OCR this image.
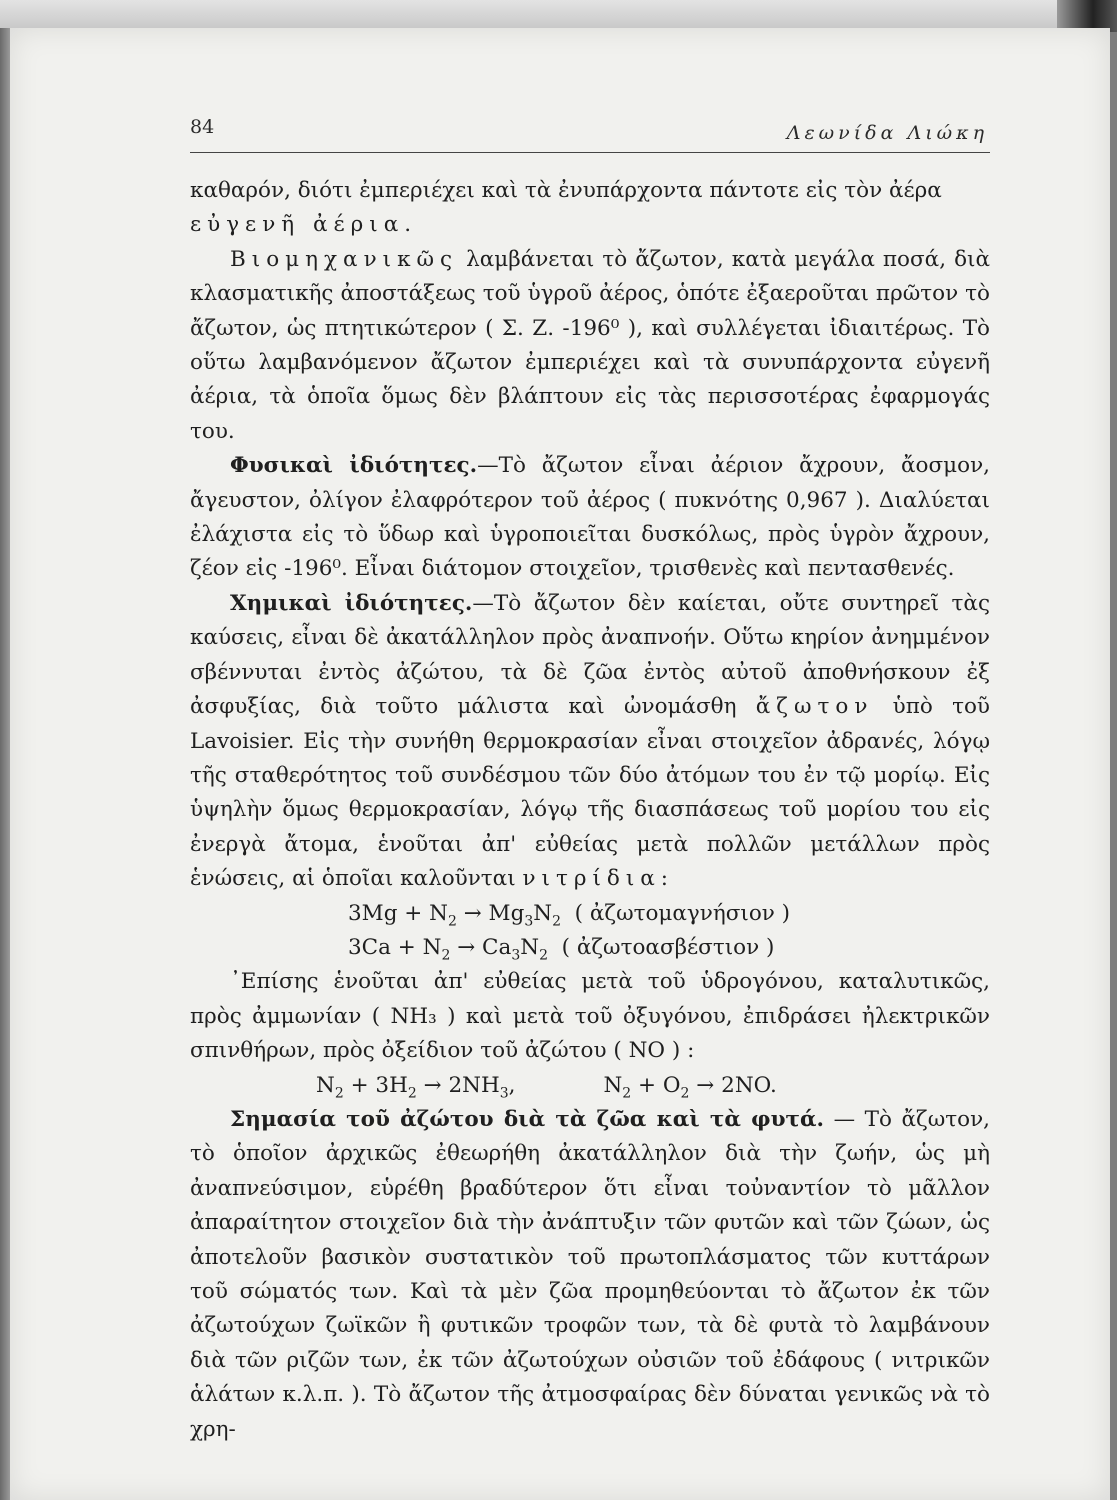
84	Λεωνίδα Λιώκη

καθαρόν, διότι ἐμπεριέχει καὶ τὰ ἐνυπάρχοντα πάντοτε εἰς τὸν ἀέρα
εὐγενῆ ἀέρια.

Βιομηχανικῶς λαμβάνεται τὸ ἄζωτον, κατὰ μεγάλα ποσά, διὰ κλασματικῆς ἀποστάξεως τοῦ ὑγροῦ ἀέρος, ὁπότε ἐξαεροῦται πρῶτον τὸ ἄζωτον, ὡς πτητικώτερον ( Σ. Ζ. -196⁰ ), καὶ συλλέγεται ἰδιαιτέρως. Τὸ οὕτω λαμβανόμενον ἄζωτον ἐμπεριέχει καὶ τὰ συνυπάρχοντα εὐγενῆ ἀέρια, τὰ ὁποῖα ὅμως δὲν βλάπτουν εἰς τὰς περισσοτέρας ἐφαρμογάς του.

Φυσικαὶ ἰδιότητες.—Τὸ ἄζωτον εἶναι ἀέριον ἄχρουν, ἄοσμον, ἄγευστον, ὀλίγον ἐλαφρότερον τοῦ ἀέρος ( πυκνότης 0,967 ). Διαλύεται ἐλάχιστα εἰς τὸ ὕδωρ καὶ ὑγροποιεῖται δυσκόλως, πρὸς ὑγρὸν ἄχρουν, ζέον εἰς -196⁰. Εἶναι διάτομον στοιχεῖον, τρισθενὲς καὶ πεντασθενές.

Χημικαὶ ἰδιότητες.—Τὸ ἄζωτον δὲν καίεται, οὔτε συντηρεῖ τὰς καύσεις, εἶναι δὲ ἀκατάλληλον πρὸς ἀναπνοήν. Οὕτω κηρίον ἀνημμένον σβέννυται ἐντὸς ἀζώτου, τὰ δὲ ζῶα ἐντὸς αὐτοῦ ἀποθνήσκουν ἐξ ἀσφυξίας, διὰ τοῦτο μάλιστα καὶ ὠνομάσθη ἄζωτον ὑπὸ τοῦ Lavoisier. Εἰς τὴν συνήθη θερμοκρασίαν εἶναι στοιχεῖον ἀδρανές, λόγῳ τῆς σταθερότητος τοῦ συνδέσμου τῶν δύο ἀτόμων του ἐν τῷ μορίῳ. Εἰς ὑψηλὴν ὅμως θερμοκρασίαν, λόγῳ τῆς διασπάσεως τοῦ μορίου του εἰς ἐνεργὰ ἄτομα, ἑνοῦται ἀπ' εὐθείας μετὰ πολλῶν μετάλλων πρὸς ἑνώσεις, αἱ ὁποῖαι καλοῦνται νιτρίδια:

$3Mg + N_2 \to Mg_3N_2$ ( ἀζωτομαγνήσιον )

$3Ca + N_2 \to Ca_3N_2$ ( ἀζωτοασβέστιον )

᾿Επίσης ἑνοῦται ἀπ' εὐθείας μετὰ τοῦ ὑδρογόνου, καταλυτικῶς, πρὸς ἀμμωνίαν ( NH₃ ) καὶ μετὰ τοῦ ὀξυγόνου, ἐπιδράσει ἠλεκτρικῶν σπινθήρων, πρὸς ὀξείδιον τοῦ ἀζώτου ( NO ) :

$N_2 + 3H_2 \to 2NH_3$,	$N_2 + O_2 \to 2NO$.

Σημασία τοῦ ἀζώτου διὰ τὰ ζῶα καὶ τὰ φυτά. — Τὸ ἄζωτον, τὸ ὁποῖον ἀρχικῶς ἐθεωρήθη ἀκατάλληλον διὰ τὴν ζωήν, ὡς μὴ ἀναπνεύσιμον, εὑρέθη βραδύτερον ὅτι εἶναι τοὐναντίον τὸ μᾶλλον ἀπαραίτητον στοιχεῖον διὰ τὴν ἀνάπτυξιν τῶν φυτῶν καὶ τῶν ζώων, ὡς ἀποτελοῦν βασικὸν συστατικὸν τοῦ πρωτοπλάσματος τῶν κυττάρων τοῦ σώματός των. Καὶ τὰ μὲν ζῶα προμηθεύονται τὸ ἄζωτον ἐκ τῶν ἀζωτούχων ζωϊκῶν ἢ φυτικῶν τροφῶν των, τὰ δὲ φυτὰ τὸ λαμβάνουν διὰ τῶν ριζῶν των, ἐκ τῶν ἀζωτούχων οὐσιῶν τοῦ ἐδάφους ( νιτρικῶν ἁλάτων κ.λ.π. ). Τὸ ἄζωτον τῆς ἀτμοσφαίρας δὲν δύναται γενικῶς νὰ τὸ χρη-
